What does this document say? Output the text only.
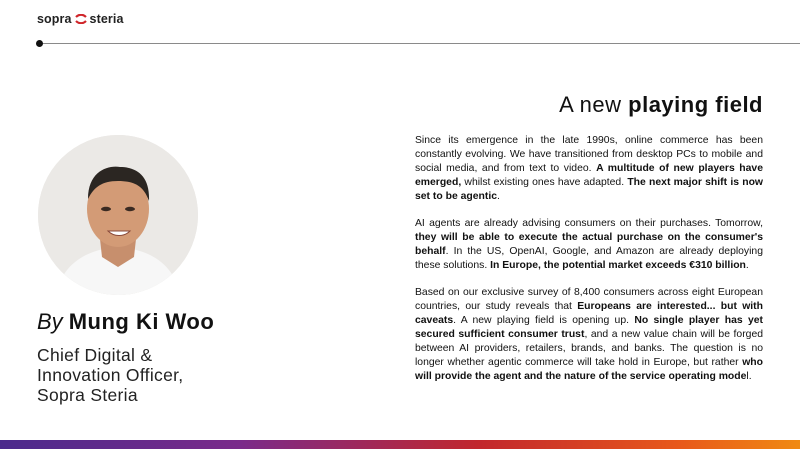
sopra steria
A new playing field
By Mung Ki Woo
Chief Digital &
Innovation Officer,
Sopra Steria

Since its emergence in the late 1990s, online commerce has been constantly evolving. We have transitioned from desktop PCs to mobile and social media, and from text to video. A multitude of new players have emerged, whilst existing ones have adapted. The next major shift is now set to be agentic.

AI agents are already advising consumers on their purchases. Tomorrow, they will be able to execute the actual purchase on the consumer's behalf. In the US, OpenAI, Google, and Amazon are already deploying these solutions. In Europe, the potential market exceeds €310 billion.

Based on our exclusive survey of 8,400 consumers across eight European countries, our study reveals that Europeans are interested... but with caveats. A new playing field is opening up. No single player has yet secured sufficient consumer trust, and a new value chain will be forged between AI providers, retailers, brands, and banks. The question is no longer whether agentic commerce will take hold in Europe, but rather who will provide the agent and the nature of the service operating model.
